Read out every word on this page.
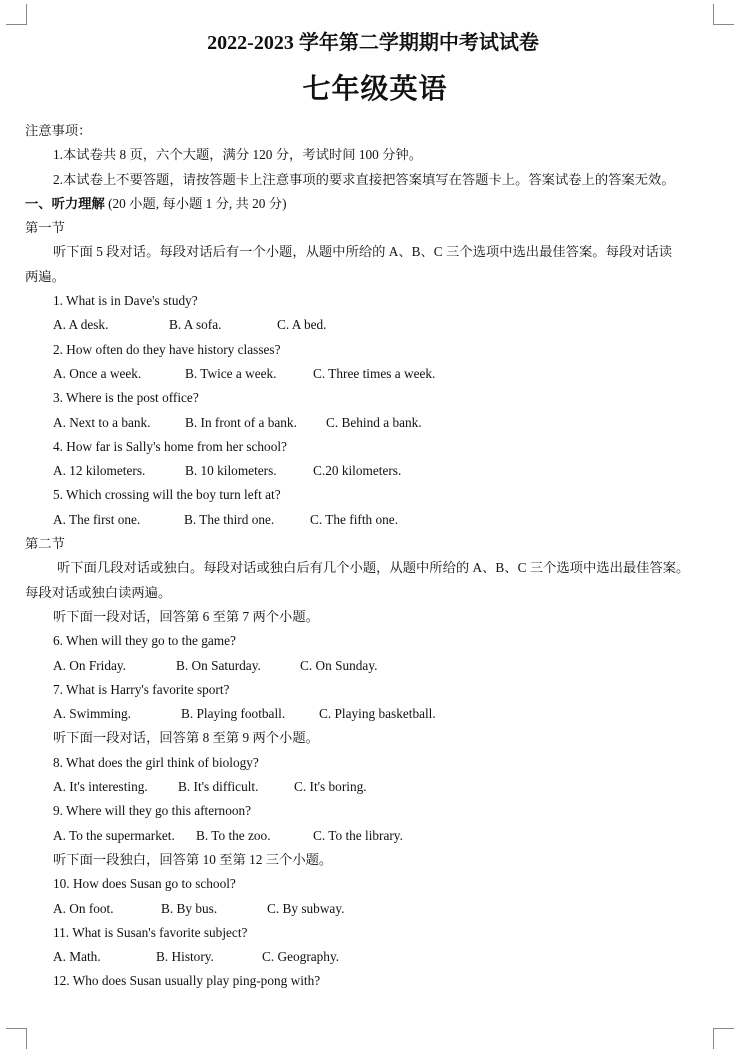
2022-2023 学年第二学期期中考试试卷
七年级英语
注意事项：
1.本试卷共 8 页，六个大题，满分 120 分，考试时间 100 分钟。
2.本试卷上不要答题，请按答题卡上注意事项的要求直接把答案填写在答题卡上。答案试卷上的答案无效。
一、听力理解 (20 小题, 每小题 1 分, 共 20 分)
第一节
听下面 5 段对话。每段对话后有一个小题，从题中所给的 A、B、C 三个选项中选出最佳答案。每段对话读
两遍。
1. What is in Dave's study?
A. A desk.	B. A sofa.	C. A bed.
2. How often do they have history classes?
A. Once a week.	B. Twice a week.	C. Three times a week.
3. Where is the post office?
A. Next to a bank.	B. In front of a bank. C. Behind a bank.
4. How far is Sally's home from her school?
A. 12 kilometers.	B. 10 kilometers.	C.20 kilometers.
5. Which crossing will the boy turn left at?
A. The first one.	B. The third one.	C. The fifth one.
第二节
听下面几段对话或独白。每段对话或独白后有几个小题，从题中所给的 A、B、C 三个选项中选出最佳答案。
每段对话或独白读两遍。
听下面一段对话，回答第 6 至第 7 两个小题。
6. When will they go to the game?
A. On Friday.	B. On Saturday.	C. On Sunday.
7. What is Harry's favorite sport?
A. Swimming.	B. Playing football.	C. Playing basketball.
听下面一段对话，回答第 8 至第 9 两个小题。
8. What does the girl think of biology?
A. It's interesting. B. It's difficult.	C. It's boring.
9. Where will they go this afternoon?
A. To the supermarket. B. To the zoo.	C. To the library.
听下面一段独白，回答第 10 至第 12 三个小题。
10. How does Susan go to school?
A. On foot.	B. By bus.	C. By subway.
11. What is Susan's favorite subject?
A. Math.	B. History.	C. Geography.
12. Who does Susan usually play ping-pong with?
